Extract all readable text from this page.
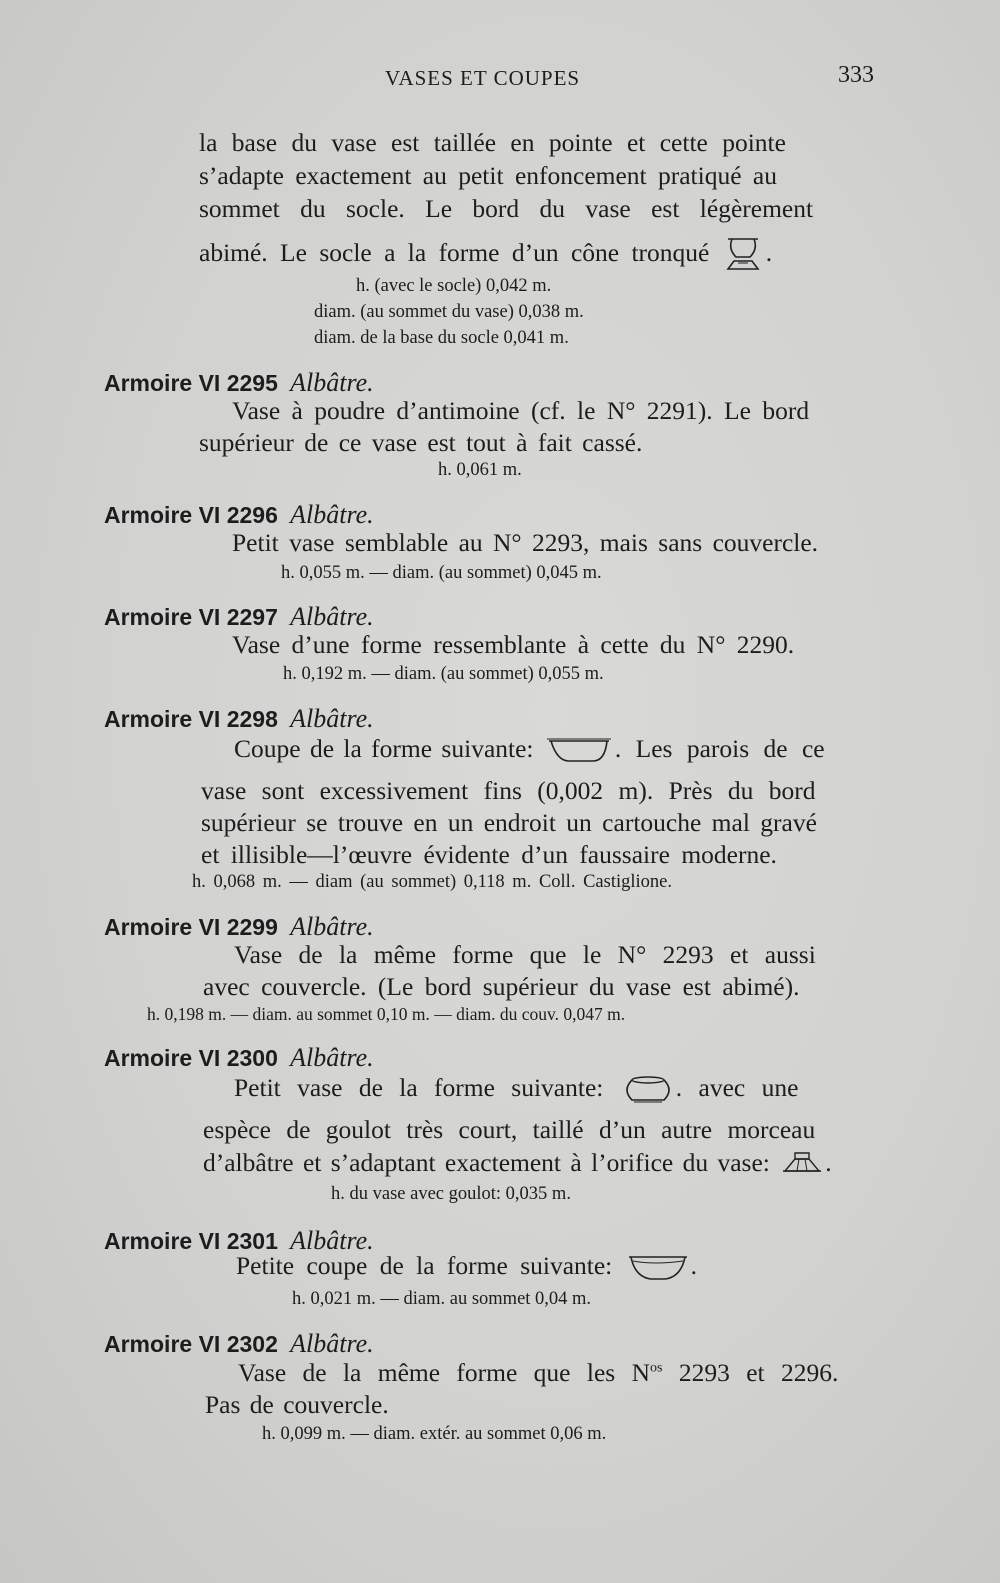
VASES ET COUPES	333
la base du vase est taillée en pointe et cette pointe
s’adapte exactement au petit enfoncement pratiqué au
sommet du socle. Le bord du vase est légèrement
abimé. Le socle a la forme d’un cône tronqué .
h. (avec le socle) 0,042 m.
diam. (au sommet du vase) 0,038 m.
diam. de la base du socle 0,041 m.
Armoire VI 2295 Albâtre.
Vase à poudre d’antimoine (cf. le N° 2291). Le bord
supérieur de ce vase est tout à fait cassé.
h. 0,061 m.
Armoire VI 2296 Albâtre.
Petit vase semblable au N° 2293, mais sans couvercle.
h. 0,055 m. — diam. (au sommet) 0,045 m.
Armoire VI 2297 Albâtre.
Vase d’une forme ressemblante à cette du N° 2290.
h. 0,192 m. — diam. (au sommet) 0,055 m.
Armoire VI 2298 Albâtre.
Coupe de la forme suivante:	. Les parois de ce
vase sont excessivement fins (0,002 m). Près du bord
supérieur se trouve en un endroit un cartouche mal gravé
et illisible—l’œuvre évidente d’un faussaire moderne.
h. 0,068 m. — diam (au sommet) 0,118 m. Coll. Castiglione.
Armoire VI 2299 Albâtre.
Vase de la même forme que le N° 2293 et aussi
avec couvercle. (Le bord supérieur du vase est abimé).
h. 0,198 m. — diam. au sommet 0,10 m. — diam. du couv. 0,047 m.
Armoire VI 2300 Albâtre.
Petit vase de la forme suivante:	. avec une
espèce de goulot très court, taillé d’un autre morceau
d’albâtre et s’adaptant exactement à l’orifice du vase: .
h. du vase avec goulot: 0,035 m.
Armoire VI 2301 Albâtre.
Petite coupe de la forme suivante:	.
h. 0,021 m. — diam. au sommet 0,04 m.
Armoire VI 2302 Albâtre.
Vase de la même forme que les $N^{os}$ 2293 et 2296.
Pas de couvercle.
h. 0,099 m. — diam. extér. au sommet 0,06 m.
